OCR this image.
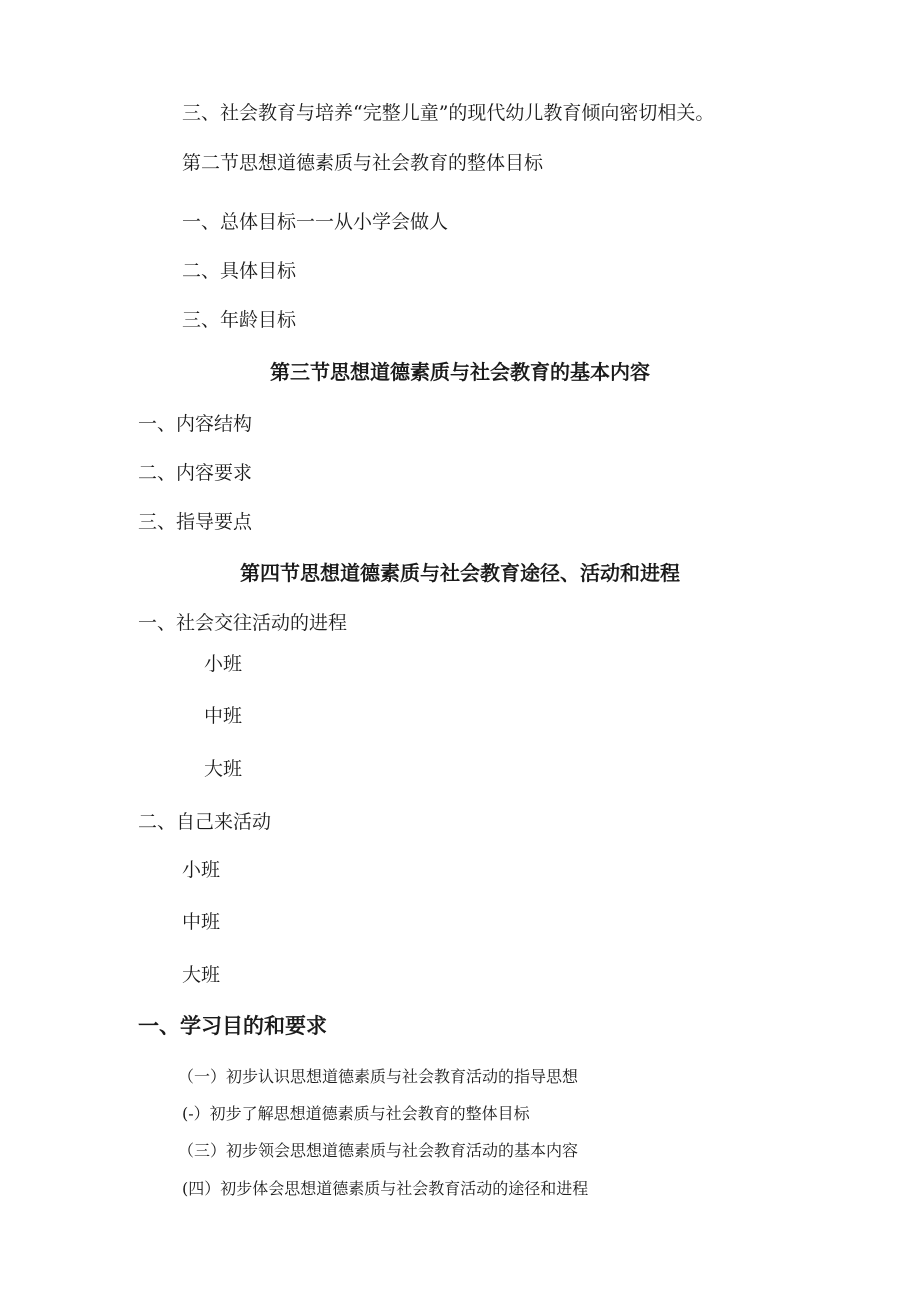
三、社会教育与培养“完整儿童”的现代幼儿教育倾向密切相关。
第二节思想道德素质与社会教育的整体目标
一、总体目标一一从小学会做人
二、具体目标
三、年龄目标
第三节思想道德素质与社会教育的基本内容
一、内容结构
二、内容要求
三、指导要点
第四节思想道德素质与社会教育途径、活动和进程
一、社会交往活动的进程
小班
中班
大班
二、自己来活动
小班
中班
大班
一、学习目的和要求
（一）初步认识思想道德素质与社会教育活动的指导思想
(-）初步了解思想道德素质与社会教育的整体目标
（三）初步领会思想道德素质与社会教育活动的基本内容
(四）初步体会思想道德素质与社会教育活动的途径和进程
